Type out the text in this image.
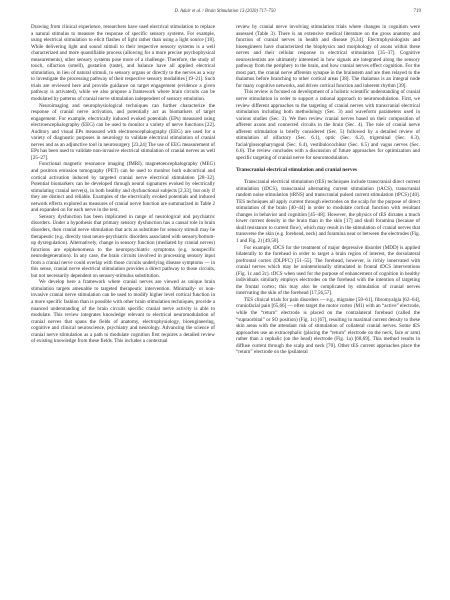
D. Adair et al. / Brain Stimulation 13 (2020) 717–750	719

Drawing from clinical experience, researchers have used electrical stimulation to replace a natural stimulus to measure the response of specific sensory systems. For example, using electrical stimulation to elicit flashes of light rather than using a light source [18]. While delivering light and sound stimuli to their respective sensory systems is a well characterized and more quantifiable process (allowing for a more precise psychophysical measurements), other sensory systems pose more of a challenge. Therefore, the study of touch, olfaction (smell), gustation (taste), and balance have all applied electrical stimulation, in lieu of natural stimuli, to sensory organs or directly to the nerves as a way to investigate the processing pathway of their respective sensory modalities [19–21]. Such trials are reviewed here and provide guidance on target engagement (evidence a given pathway is activated), while we also propose a framework where brain circuits can be modulated by patterns of cranial nerve stimulation independent of sensory emulation.

Neuroimaging and neurophysiological techniques can further characterize the response of cranial nerve activation, and potentially act as biomarkers of target engagement. For example, electrically induced evoked potentials (EPs) measured using electroencephalography (EEG) can be used to monitor a variety of nerve functions [22]. Auditory and visual EPs measured with electroencephalography (EEG) are used for a variety of diagnostic purposes in neurology to validate electrical stimulation of cranial nerves and as an adjunctive tool in neurosurgery [23,24] The use of EEG measurement of EPs has been used to validate non-invasive electrical stimulation of cranial nerves as well [25–27].

Functional magnetic resonance imaging (fMRI), magnetoencephalography (MEG) and positron emission tomography (PET) can be used to monitor both subcortical and cortical activation induced by targeted cranial nerve electrical stimulation [28–32]. Potential biomarkers can be developed through neural signatures evoked by electrically stimulating cranial nerve(s), in both healthy and dysfunctional subjects [2,33], but only if they are distinct and reliable. Examples of the electrically evoked potentials and induced network effects explored as measures of cranial nerve function are summarized in Table 2 and expanded on for each nerve in the text.

Sensory dysfunction has been implicated in range of neurological and psychiatric disorders. Under a hypothesis that primary sensory dysfunction has a causal role in brain disorders, then cranial nerve stimulation that acts as substitute for sensory stimuli may be therapeutic (e.g. directly treat neuro-psychiatric disorders associated with sensory/bottom-up dysregulation). Alternatively, change in sensory function (mediated by cranial nerves) functions are epiphenomena to the neuropsychiatric symptoms (e.g. nonspecific neurodegeneration). In any case, the brain circuits involved in processing sensory input from a cranial nerve could overlap with those circuits underlying disease symptoms — in this sense, cranial nerve electrical stimulation provides a direct pathway to those circuits, but not necessarily dependent on sensory-stimulus substitution.

We develop here a framework where cranial nerves are viewed as unique brain stimulation targets amenable to targeted therapeutic intervention. Minimally- or non-invasive cranial nerve stimulation can be used to modify higher level cortical function in a more specific fashion than is possible with other brain stimulation techniques, provide a nuanced understanding of the brain circuits specific cranial nerve activity is able to modulate. This review integrates knowledge relevant to electrical neuromodulation of cranial nerves that spans the fields of anatomy, electrophysiology, bioengineering, cognitive and clinical neuroscience, psychiatry and neurology. Advancing the science of cranial nerve stimulation as a path to modulate cognition first requires a detailed review of existing knowledge from these fields. This includes a contextual

review by cranial nerve involving stimulation trials where changes in cognition were assessed (Table 3). There is an extensive medical literature on the gross anatomy and function of cranial nerves in health and disease [6,34]. Electrophysiologists and bioengineers have characterized the biophysics and morphology of axons within these nerves and their cellular response to electrical stimulation [35–37]. Cognitive neuroscientists are ultimately interested in how signals are integrated along the sensory pathway from the periphery to the brain, and how cranial nerves effect cognition. For the most part, the cranial nerve afferents synapse in the brainstem and are then relayed to the thalamus before branching to other cortical areas [38]. The thalamus is an integral node for many cognitive networks, and drives cortical function and inherent rhythm [39].

This review is focused on development of a holistic scientific understanding of cranial nerve stimulation in order to support a rational approach to neuromodulation. First, we review different approaches to the targeting of cranial nerves with transcranial electrical stimulation including both methodology (Sec. 3) and waveform parameters used in various studies (Sec. 3). We then review cranial nerves based on their composition of afferent axons and connected circuits in the brain (Sec. 4). The role of cranial nerve afferent stimulation is briefly considered (Sec. 5) followed by a detailed review of stimulation of olfactory (Sec. 6.1), optic (Sec. 6.2), trigeminal (Sec. 6.3), facial/glossopharyngeal (Sec. 6.4), vestibulocochlear (Sec. 6.5) and vagus nerves (Sec. 6.6). The review concludes with a discussion of future approaches for optimization and specific targeting of cranial nerve for neuromodulation.

Transcranial electrical stimulation and cranial nerves

Transcranial electrical stimulation (tES) techniques include transcranial direct current stimulation (tDCS), transcranial alternating current stimulation (tACS), transcranial random noise stimulation (tRNS) and transcranial pulsed current stimulation (tPCS) [40]. TES techniques all apply current through electrodes on the scalp for the purpose of direct stimulation of the brain [40–44] in order to modulate cortical function with resultant changes in behavior and cognition [45–48]. However, the physics of tES dictates a much lower current density in the brain than in the skin [17] and skull foramina (because of skull resistance to current flow), which may result in the stimulation of cranial nerves that transverse the skin (e.g. forehead, neck) and foramina near or between the electrodes (Fig. 1 and Fig. 2) [49,50].

For example, tDCS for the treatment of major depressive disorder (MDD) is applied bilaterally to the forehead in order to target a brain region of interest, the dorsolateral prefrontal cortex (DLPFC) [51–55]. The forehead, however, is richly innervated with cranial nerves which may be unintentionally stimulated in frontal tDCS interventions (Fig. 1c and 2c). tDCS when used for the purpose of enhancement of cognition in healthy individuals similarly employs electrodes on the forehead with the intention of targeting the frontal cortex; this may also be complicated by stimulation of cranial nerves innervating the skin of the forehead [17,56,57].

TES clinical trials for pain disorders — e.g., migraine [58–61], fibromyalgia [62–64], craniofacial pain [65,66] — often target the motor cortex (M1) with an “active” electrode, while the “return” electrode is placed on the contralateral forehead (called the “supraorbital” or SO position) (Fig. 1c) [67], resulting in maximal current density to these skin areas with the attendant risk of stimulation of collateral cranial nerves. Some tES approaches use an extracephalic (placing the “return” electrode on the neck, face or arm) rather than a cephalic (on the head) electrode (Fig. 1a) [68,69]. This method results in diffuse current through the scalp and neck [70]. Other tES current approaches place the “return” electrode on the ipsilateral
